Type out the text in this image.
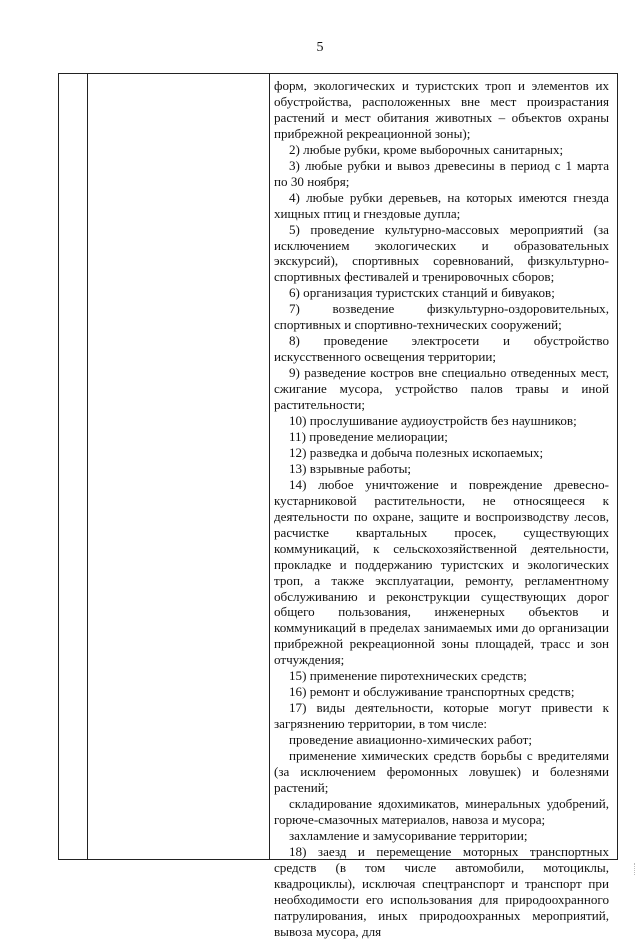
5

форм, экологических и туристских троп и элементов их обустройства, расположенных вне мест произрастания растений и мест обитания животных – объектов охраны прибрежной рекреационной зоны);

2) любые рубки, кроме выборочных санитарных;

3) любые рубки и вывоз древесины в период с 1 марта по 30 ноября;

4) любые рубки деревьев, на которых имеются гнезда хищных птиц и гнездовые дупла;

5) проведение культурно-массовых мероприятий (за исключением экологических и образовательных экскурсий), спортивных соревнований, физкультурно-спортивных фестивалей и тренировочных сборов;

6) организация туристских станций и бивуаков;

7) возведение физкультурно-оздоровительных, спортивных и спортивно-технических сооружений;

8) проведение электросети и обустройство искусственного освещения территории;

9) разведение костров вне специально отведенных мест, сжигание мусора, устройство палов травы и иной растительности;

10) прослушивание аудиоустройств без наушников;

11) проведение мелиорации;

12) разведка и добыча полезных ископаемых;

13) взрывные работы;

14) любое уничтожение и повреждение древесно-кустарниковой растительности, не относящееся к деятельности по охране, защите и воспроизводству лесов, расчистке квартальных просек, существующих коммуникаций, к сельскохозяйственной деятельности, прокладке и поддержанию туристских и экологических троп, а также эксплуатации, ремонту, регламентному обслуживанию и реконструкции существующих дорог общего пользования, инженерных объектов и коммуникаций в пределах занимаемых ими до организации прибрежной рекреационной зоны площадей, трасс и зон отчуждения;

15) применение пиротехнических средств;

16) ремонт и обслуживание транспортных средств;

17) виды деятельности, которые могут привести к загрязнению территории, в том числе:

проведение авиационно-химических работ;

применение химических средств борьбы с вредителями (за исключением феромонных ловушек) и болезнями растений;

складирование ядохимикатов, минеральных удобрений, горюче-смазочных материалов, навоза и мусора;

захламление и замусоривание территории;

18) заезд и перемещение моторных транспортных средств (в том числе автомобили, мотоциклы, квадроциклы), исключая спецтранспорт и транспорт при необходимости его использования для природоохранного патрулирования, иных природоохранных мероприятий, вывоза мусора, для
